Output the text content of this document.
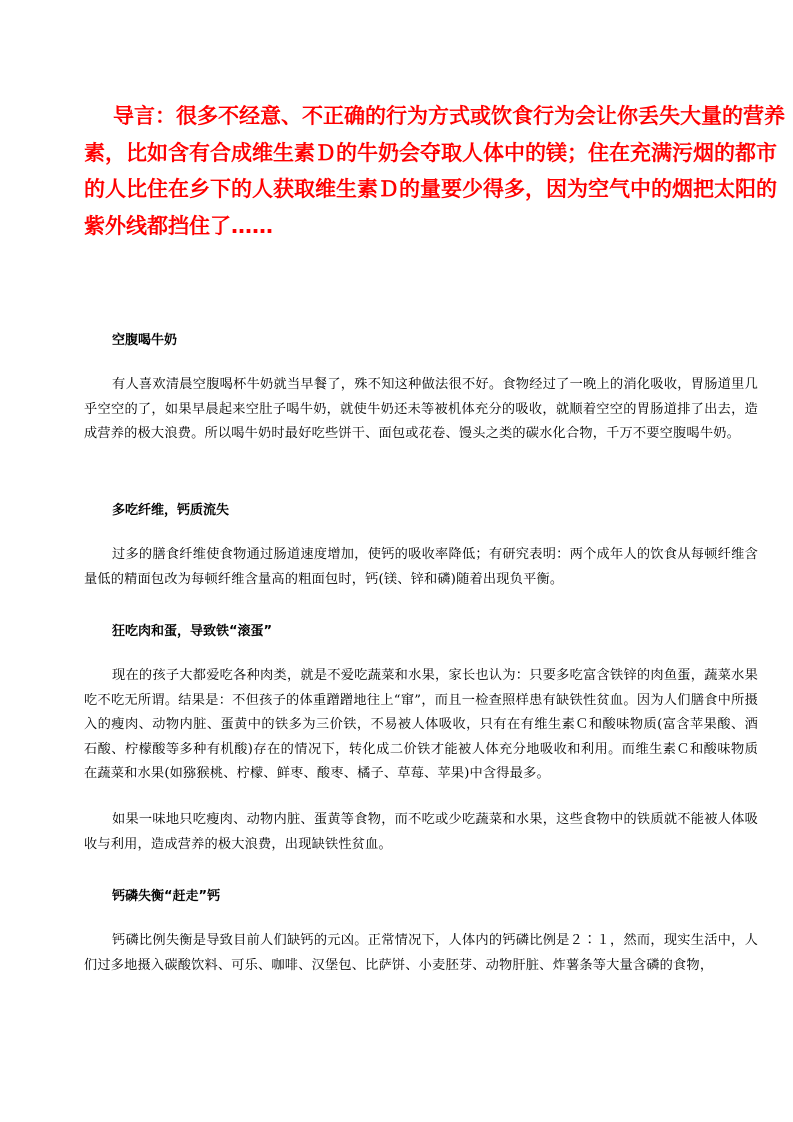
导言：很多不经意、不正确的行为方式或饮食行为会让你丢失大量的营养素，比如含有合成维生素Ｄ的牛奶会夺取人体中的镁；住在充满污烟的都市的人比住在乡下的人获取维生素Ｄ的量要少得多，因为空气中的烟把太阳的紫外线都挡住了……

空腹喝牛奶

有人喜欢清晨空腹喝杯牛奶就当早餐了，殊不知这种做法很不好。食物经过了一晚上的消化吸收，胃肠道里几乎空空的了，如果早晨起来空肚子喝牛奶，就使牛奶还未等被机体充分的吸收，就顺着空空的胃肠道排了出去，造成营养的极大浪费。所以喝牛奶时最好吃些饼干、面包或花卷、馒头之类的碳水化合物，千万不要空腹喝牛奶。

多吃纤维，钙质流失

过多的膳食纤维使食物通过肠道速度增加，使钙的吸收率降低；有研究表明：两个成年人的饮食从每顿纤维含量低的精面包改为每顿纤维含量高的粗面包时，钙(镁、锌和磷)随着出现负平衡。

狂吃肉和蛋，导致铁“滚蛋”

现在的孩子大都爱吃各种肉类，就是不爱吃蔬菜和水果，家长也认为：只要多吃富含铁锌的肉鱼蛋，蔬菜水果吃不吃无所谓。结果是：不但孩子的体重蹭蹭地往上“窜”，而且一检查照样患有缺铁性贫血。因为人们膳食中所摄入的瘦肉、动物内脏、蛋黄中的铁多为三价铁，不易被人体吸收，只有在有维生素Ｃ和酸味物质(富含苹果酸、酒石酸、柠檬酸等多种有机酸)存在的情况下，转化成二价铁才能被人体充分地吸收和利用。而维生素Ｃ和酸味物质在蔬菜和水果(如猕猴桃、柠檬、鲜枣、酸枣、橘子、草莓、苹果)中含得最多。

如果一味地只吃瘦肉、动物内脏、蛋黄等食物，而不吃或少吃蔬菜和水果，这些食物中的铁质就不能被人体吸收与利用，造成营养的极大浪费，出现缺铁性贫血。

钙磷失衡“赶走”钙

钙磷比例失衡是导致目前人们缺钙的元凶。正常情况下，人体内的钙磷比例是２∶１，然而，现实生活中，人们过多地摄入碳酸饮料、可乐、咖啡、汉堡包、比萨饼、小麦胚芽、动物肝脏、炸薯条等大量含磷的食物，
